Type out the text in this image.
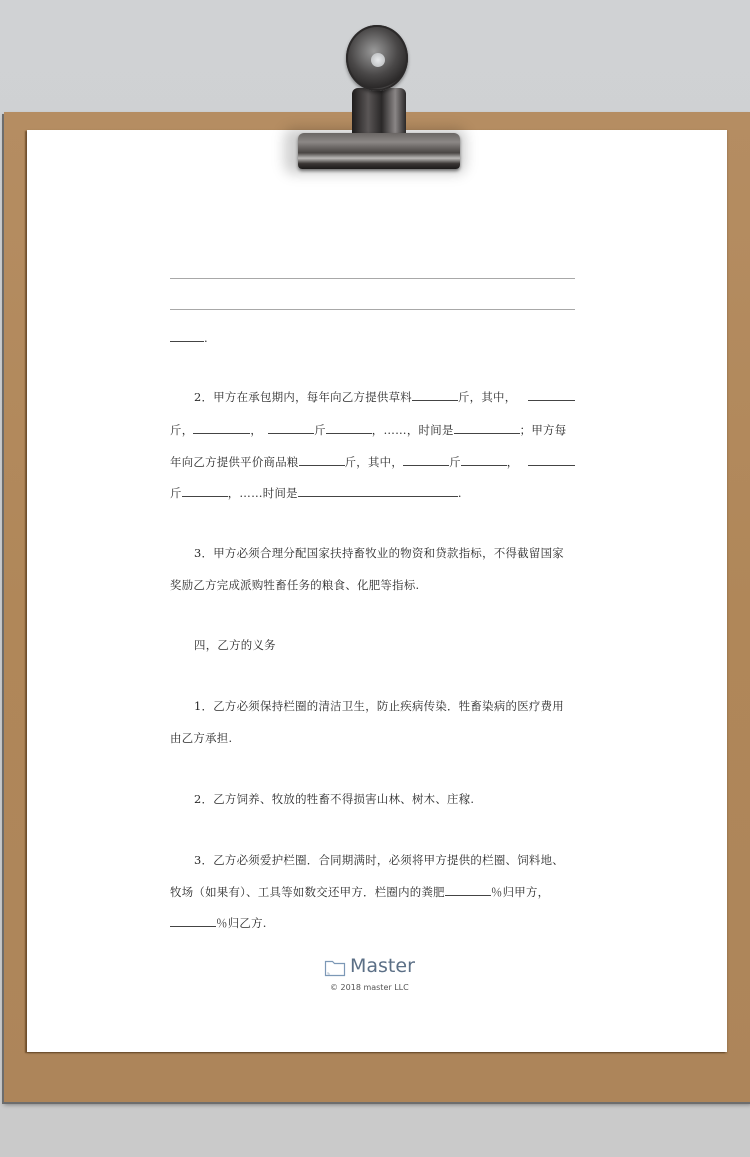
.
2．甲方在承包期内，每年向乙方提供草料	斤，其中，
斤，	，	斤	，……，时间是	；甲方每
年向乙方提供平价商品粮	斤，其中，	斤	，
斤	，……时间是	.
3．甲方必须合理分配国家扶持畜牧业的物资和贷款指标，不得截留国家
奖励乙方完成派购牲畜任务的粮食、化肥等指标.
四，乙方的义务
1．乙方必须保持栏圈的清洁卫生，防止疾病传染．牲畜染病的医疗费用
由乙方承担.
2．乙方饲养、牧放的牲畜不得损害山林、树木、庄稼.
3．乙方必须爱护栏圈．合同期满时，必须将甲方提供的栏圈、饲料地、
牧场（如果有）、工具等如数交还甲方．栏圈内的粪肥	％归甲方，
％归乙方.
Master
© 2018 master LLC
